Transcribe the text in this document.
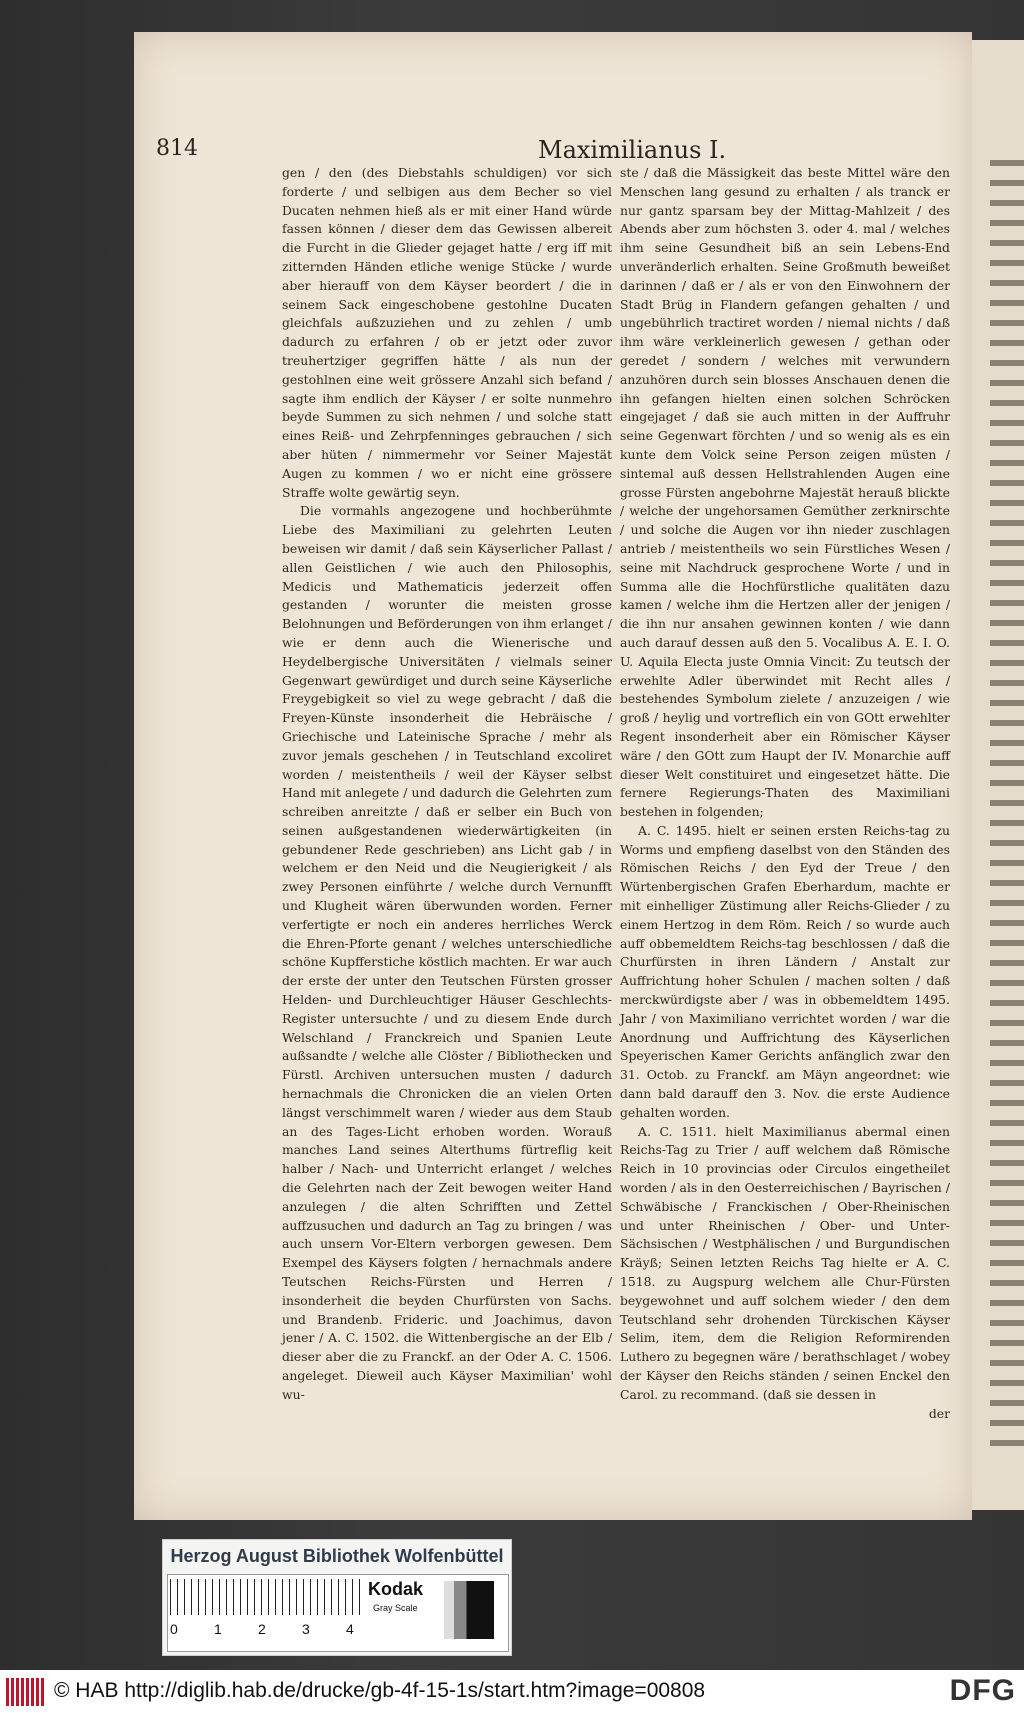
814	Maximilianus I.

gen / den (des Diebstahls schuldigen) vor sich forderte / und selbigen aus dem Becher so viel Ducaten nehmen hieß als er mit einer Hand würde fassen können / dieser dem das Gewissen albereit die Furcht in die Glieder gejaget hatte / erg iff mit zitternden Händen etliche wenige Stücke / wurde aber hierauff von dem Käyser beordert / die in seinem Sack eingeschobene gestohlne Ducaten gleichfals außzuziehen und zu zehlen / umb dadurch zu erfahren / ob er jetzt oder zuvor treuhertziger gegriffen hätte / als nun der gestohlnen eine weit grössere Anzahl sich befand / sagte ihm endlich der Käyser / er solte nunmehro beyde Summen zu sich nehmen / und solche statt eines Reiß- und Zehrpfenninges gebrauchen / sich aber hüten / nimmermehr vor Seiner Majestät Augen zu kommen / wo er nicht eine grössere Straffe wolte gewärtig seyn.

Die vormahls angezogene und hochberühmte Liebe des Maximiliani zu gelehrten Leuten beweisen wir damit / daß sein Käyserlicher Pallast / allen Geistlichen / wie auch den Philosophis, Medicis und Mathematicis jederzeit offen gestanden / worunter die meisten grosse Belohnungen und Beförderungen von ihm erlanget / wie er denn auch die Wienerische und Heydelbergische Universitäten / vielmals seiner Gegenwart gewürdiget und durch seine Käyserliche Freygebigkeit so viel zu wege gebracht / daß die Freyen-Künste insonderheit die Hebräische / Griechische und Lateinische Sprache / mehr als zuvor jemals geschehen / in Teutschland excoliret worden / meistentheils / weil der Käyser selbst Hand mit anlegete / und dadurch die Gelehrten zum schreiben anreitzte / daß er selber ein Buch von seinen außgestandenen wiederwärtigkeiten (in gebundener Rede geschrieben) ans Licht gab / in welchem er den Neid und die Neugierigkeit / als zwey Personen einführte / welche durch Vernunfft und Klugheit wären überwunden worden. Ferner verfertigte er noch ein anderes herrliches Werck die Ehren-Pforte genant / welches unterschiedliche schöne Kupfferstiche köstlich machten. Er war auch der erste der unter den Teutschen Fürsten grosser Helden- und Durchleuchtiger Häuser Geschlechts-Register untersuchte / und zu diesem Ende durch Welschland / Franckreich und Spanien Leute außsandte / welche alle Clöster / Bibliothecken und Fürstl. Archiven untersuchen musten / dadurch hernachmals die Chronicken die an vielen Orten längst verschimmelt waren / wieder aus dem Staub an des Tages-Licht erhoben worden. Worauß manches Land seines Alterthums fürtreflig keit halber / Nach- und Unterricht erlanget / welches die Gelehrten nach der Zeit bewogen weiter Hand anzulegen / die alten Schrifften und Zettel auffzusuchen und dadurch an Tag zu bringen / was auch unsern Vor-Eltern verborgen gewesen. Dem Exempel des Käysers folgten / hernachmals andere Teutschen Reichs-Fürsten und Herren / insonderheit die beyden Churfürsten von Sachs. und Brandenb. Frideric. und Joachimus, davon jener / A. C. 1502. die Wittenbergische an der Elb / dieser aber die zu Franckf. an der Oder A. C. 1506. angeleget. Dieweil auch Käyser Maximilian' wohl wu-

ste / daß die Mässigkeit das beste Mittel wäre den Menschen lang gesund zu erhalten / als tranck er nur gantz sparsam bey der Mittag-Mahlzeit / des Abends aber zum höchsten 3. oder 4. mal / welches ihm seine Gesundheit biß an sein Lebens-End unveränderlich erhalten. Seine Großmuth beweißet darinnen / daß er / als er von den Einwohnern der Stadt Brüg in Flandern gefangen gehalten / und ungebührlich tractiret worden / niemal nichts / daß ihm wäre verkleinerlich gewesen / gethan oder geredet / sondern / welches mit verwundern anzuhören durch sein blosses Anschauen denen die ihn gefangen hielten einen solchen Schröcken eingejaget / daß sie auch mitten in der Auffruhr seine Gegenwart förchten / und so wenig als es ein kunte dem Volck seine Person zeigen müsten / sintemal auß dessen Hellstrahlenden Augen eine grosse Fürsten angebohrne Majestät herauß blickte / welche der ungehorsamen Gemüther zerknirschte / und solche die Augen vor ihn nieder zuschlagen antrieb / meistentheils wo sein Fürstliches Wesen / seine mit Nachdruck gesprochene Worte / und in Summa alle die Hochfürstliche qualitäten dazu kamen / welche ihm die Hertzen aller der jenigen / die ihn nur ansahen gewinnen konten / wie dann auch darauf dessen auß den 5. Vocalibus A. E. I. O. U. Aquila Electa juste Omnia Vincit: Zu teutsch der erwehlte Adler überwindet mit Recht alles / bestehendes Symbolum zielete / anzuzeigen / wie groß / heylig und vortreflich ein von GOtt erwehlter Regent insonderheit aber ein Römischer Käyser wäre / den GOtt zum Haupt der IV. Monarchie auff dieser Welt constituiret und eingesetzet hätte. Die fernere Regierungs-Thaten des Maximiliani bestehen in folgenden;

A. C. 1495. hielt er seinen ersten Reichs-tag zu Worms und empfieng daselbst von den Ständen des Römischen Reichs / den Eyd der Treue / den Würtenbergischen Grafen Eberhardum, machte er mit einhelliger Züstimung aller Reichs-Glieder / zu einem Hertzog in dem Röm. Reich / so wurde auch auff obbemeldtem Reichs-tag beschlossen / daß die Churfürsten in ihren Ländern / Anstalt zur Auffrichtung hoher Schulen / machen solten / daß merckwürdigste aber / was in obbemeldtem 1495. Jahr / von Maximiliano verrichtet worden / war die Anordnung und Auffrichtung des Käyserlichen Speyerischen Kamer Gerichts anfänglich zwar den 31. Octob. zu Franckf. am Mäyn angeordnet: wie dann bald darauff den 3. Nov. die erste Audience gehalten worden.

A. C. 1511. hielt Maximilianus abermal einen Reichs-Tag zu Trier / auff welchem daß Römische Reich in 10 provincias oder Circulos eingetheilet worden / als in den Oesterreichischen / Bayrischen / Schwäbische / Franckischen / Ober-Rheinischen und unter Rheinischen / Ober- und Unter-Sächsischen / Westphälischen / und Burgundischen Kräyß; Seinen letzten Reichs Tag hielte er A. C. 1518. zu Augspurg welchem alle Chur-Fürsten beygewohnet und auff solchem wieder / den dem Teutschland sehr drohenden Türckischen Käyser Selim, item, dem die Religion Reformirenden Luthero zu begegnen wäre / berathschlaget / wobey der Käyser den Reichs ständen / seinen Enckel den Carol. zu recommand. (daß sie dessen in

der
Herzog August Bibliothek Wolfenbüttel
0	1	2	3	4
Kodak
Gray Scale
© HAB http://diglib.hab.de/drucke/gb-4f-15-1s/start.htm?image=00808	DFG
